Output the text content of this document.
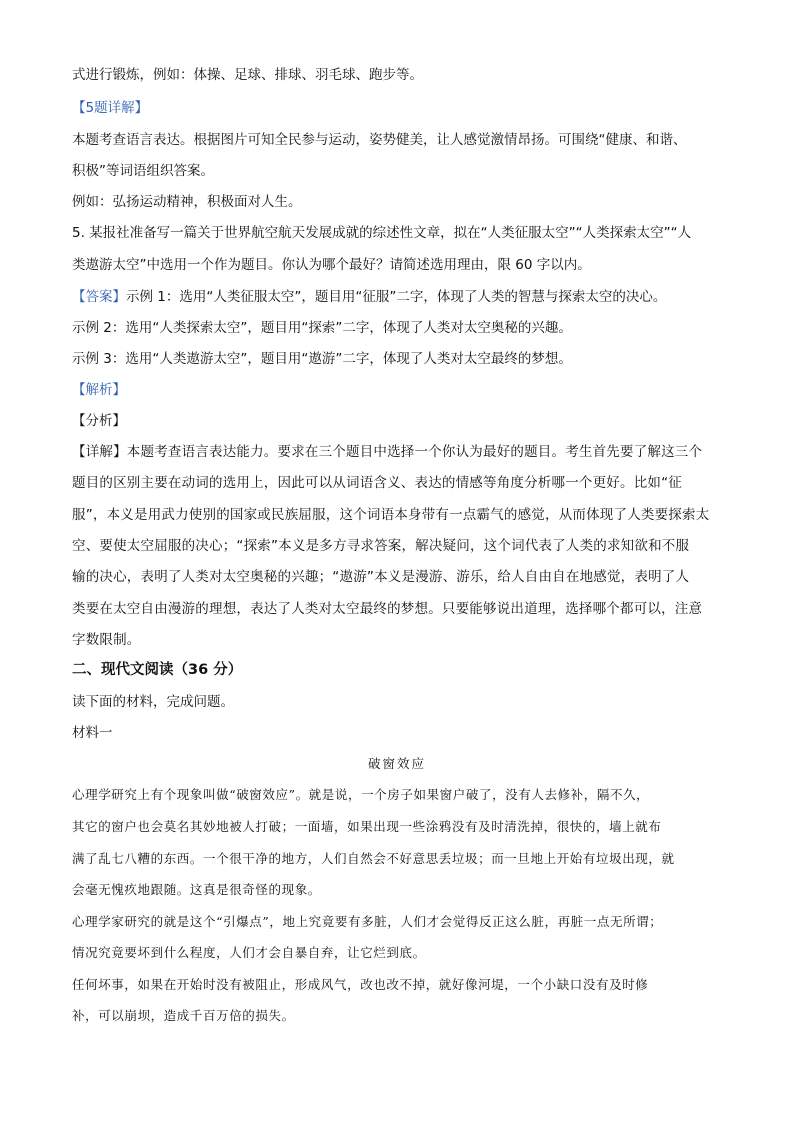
式进行锻炼，例如：体操、足球、排球、羽毛球、跑步等。
【5题详解】
本题考查语言表达。根据图片可知全民参与运动，姿势健美，让人感觉激情昂扬。可围绕“健康、和谐、
积极”等词语组织答案。
例如：弘扬运动精神，积极面对人生。
5. 某报社准备写一篇关于世界航空航天发展成就的综述性文章，拟在“人类征服太空”“人类探索太空”“人
类遨游太空”中选用一个作为题目。你认为哪个最好？请简述选用理由，限 60 字以内。
【答案】示例 1：选用“人类征服太空”，题目用“征服”二字，体现了人类的智慧与探索太空的决心。
示例 2：选用“人类探索太空”，题目用“探索”二字，体现了人类对太空奥秘的兴趣。
示例 3：选用“人类遨游太空”，题目用“遨游”二字，体现了人类对太空最终的梦想。
【解析】
【分析】
【详解】本题考查语言表达能力。要求在三个题目中选择一个你认为最好的题目。考生首先要了解这三个
题目的区别主要在动词的选用上，因此可以从词语含义、表达的情感等角度分析哪一个更好。比如“征
服”，本义是用武力使别的国家或民族屈服，这个词语本身带有一点霸气的感觉，从而体现了人类要探索太
空、要使太空屈服的决心；“探索”本义是多方寻求答案，解决疑问，这个词代表了人类的求知欲和不服
输的决心，表明了人类对太空奥秘的兴趣；“遨游”本义是漫游、游乐，给人自由自在地感觉，表明了人
类要在太空自由漫游的理想，表达了人类对太空最终的梦想。只要能够说出道理，选择哪个都可以，注意
字数限制。
二、现代文阅读（36 分）
读下面的材料，完成问题。
材料一
破窗效应
心理学研究上有个现象叫做“破窗效应”。就是说，一个房子如果窗户破了，没有人去修补，隔不久，
其它的窗户也会莫名其妙地被人打破；一面墙，如果出现一些涂鸦没有及时清洗掉，很快的，墙上就布
满了乱七八糟的东西。一个很干净的地方，人们自然会不好意思丢垃圾；而一旦地上开始有垃圾出现，就
会毫无愧疚地跟随。这真是很奇怪的现象。
心理学家研究的就是这个“引爆点”，地上究竟要有多脏，人们才会觉得反正这么脏，再脏一点无所谓；
情况究竟要坏到什么程度，人们才会自暴自弃，让它烂到底。
任何坏事，如果在开始时没有被阻止，形成风气，改也改不掉，就好像河堤，一个小缺口没有及时修
补，可以崩坝，造成千百万倍的损失。
